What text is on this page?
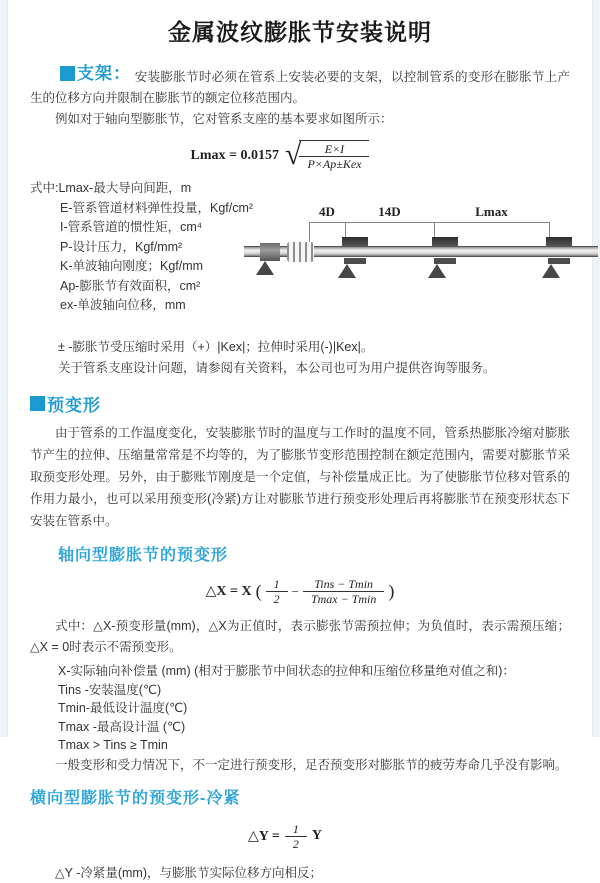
金属波纹膨胀节安装说明

支架： 安装膨胀节时必须在管系上安装必要的支架，以控制管系的变形在膨胀节上产生的位移方向并限制在膨胀节的额定位移范围内。

例如对于轴向型膨胀节，它对管系支座的基本要求如图所示：

Lmax = 0.0157 √
$\frac{E\times I}{\text{P×Ap±Kex}}$
式中:Lmax-最大导向间距，m
E-管系管道材料弹性投量，Kgf/cm²
I-管系管道的惯性矩，cm⁴
P-设计压力，Kgf/mm²
K-单波轴向刚度；Kgf/mm
Ap-膨胀节有效面积，cm²
ex-单波轴向位移，mm
4D	14D	Lmax
± -膨胀节受压缩时采用（+）|Kex|；拉伸时采用(-)|Kex|。
关于管系支座设计问题，请参阅有关资料，本公司也可为用户提供咨询等服务。
预变形

由于管系的工作温度变化，安装膨胀节时的温度与工作时的温度不同，管系热膨胀冷缩对膨胀节产生的拉伸、压缩量常常是不均等的，为了膨胀节变形范围控制在额定范围内，需要对膨胀节采取预变形处理。另外，由于膨账节刚度是一个定值，与补偿量成正比。为了使膨胀节位移对管系的作用力最小，也可以采用预变形(冷紧)方让对膨胀节进行预变形处理后再将膨胀节在预变形状态下安装在管系中。

轴向型膨胀节的预变形
△X = X ( $\frac{1}{2} - \frac{\text{Tins − Tmin}}{Tmax - Tmin}$ )

式中：△X-预变形量(mm)，△X为正值时，表示膨张节需预拉伸；为负值时，表示需预压缩；△X = 0时表示不需预变形。

X-实际轴向补偿量 (mm) (相对于膨胀节中间状态的拉伸和压缩位移量绝对值之和)：
Tins -安装温度(℃)
Tmin-最低设计温度(℃)
Tmax -最高设计温 (℃)
Tmax > Tins ≥ Tmin

一般变形和受力情况下，不一定进行预变形，足否预变形对膨胀节的疲劳寿命几乎没有影响。

横向型膨胀节的预变形-冷紧
△Y = $\frac{1}{2}$ Y
△Y -冷紧量(mm)，与膨胀节实际位移方向相反；
